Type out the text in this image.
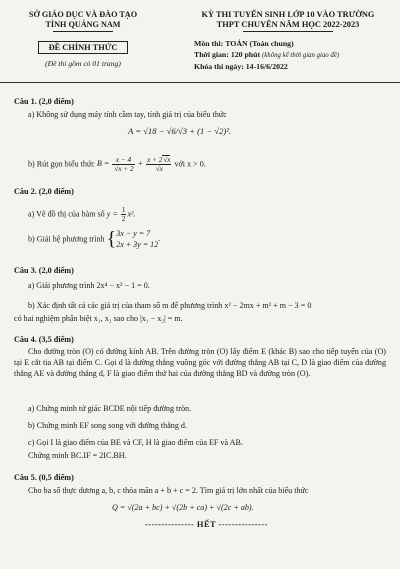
SỞ GIÁO DỤC VÀ ĐÀO TẠO
TỈNH QUẢNG NAM
ĐỀ CHÍNH THỨC
(Đề thi gồm có 01 trang)
KỲ THI TUYỂN SINH LỚP 10 VÀO TRƯỜNG
THPT CHUYÊN NĂM HỌC 2022-2023
Môn thi: TOÁN (Toán chung)
Thời gian: 120 phút (không kể thời gian giao đề)
Khóa thi ngày: 14-16/6/2022
Câu 1. (2,0 điểm)
a) Không sử dụng máy tính cầm tay, tính giá trị của biểu thức
A = √18 − √6/√3 + (1 − √2)².
b) Rút gọn biểu thức $B = \frac{x - 4}{√x + 2} + \frac{x + 2√x}{√x}$ với x > 0.
Câu 2. (2,0 điểm)
a) Vẽ đồ thị của hàm số $y = \frac{1}{2} x^2$.
b) Giải hệ phương trình {3x − y = 7
2x + 3y = 12.
Câu 3. (2,0 điểm)
a) Giải phương trình 2x⁴ − x² − 1 = 0.
b) Xác định tất cả các giá trị của tham số m để phương trình x² − 2mx + m² + m − 3 = 0
có hai nghiệm phân biệt x₁, x₂ sao cho |x₁ − x₂| = m.
Câu 4. (3,5 điểm)
Cho đường tròn (O) có đường kính AB. Trên đường tròn (O) lấy điểm E (khác B) sao cho tiếp tuyến của (O) tại E cắt tia AB tại điểm C. Gọi d là đường thẳng vuông góc với đường thẳng AB tại C, D là giao điểm của đường thẳng AE và đường thẳng d, F là giao điểm thứ hai của đường thẳng BD và đường tròn (O).
a) Chứng minh tứ giác BCDE nội tiếp đường tròn.
b) Chứng minh EF song song với đường thẳng d.
c) Gọi I là giao điểm của BE và CF, H là giao điểm của EF và AB.
Chứng minh BC.IF = 2IC.BH.
Câu 5. (0,5 điểm)
Cho ba số thực dương a, b, c thỏa mãn a + b + c = 2. Tìm giá trị lớn nhất của biểu thức
Q = √(2a + bc) + √(2b + ca) + √(2c + ab).
--------------- HẾT ---------------
